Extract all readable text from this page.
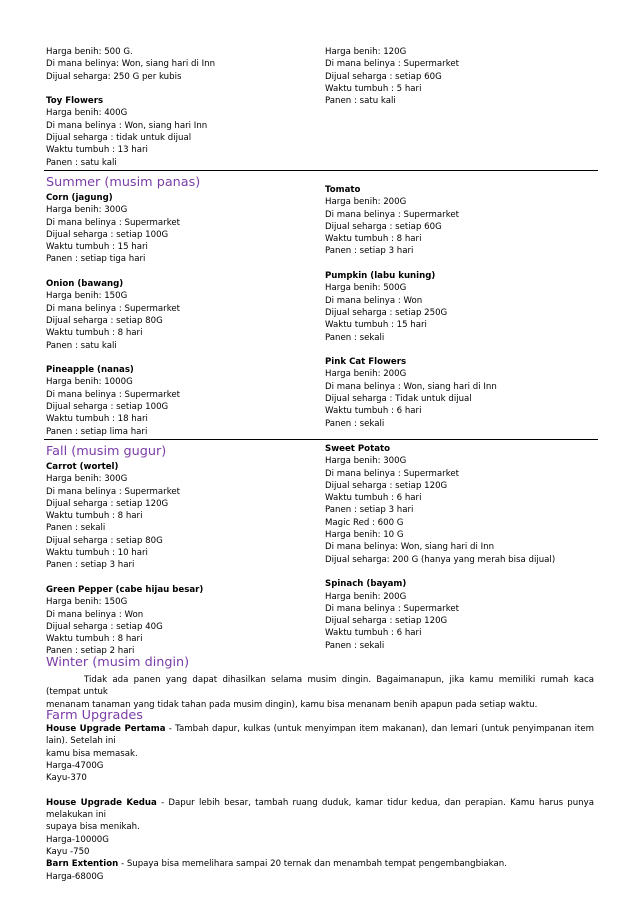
Harga benih: 500 G.
Di mana belinya: Won, siang hari di Inn
Dijual seharga: 250 G per kubis
Toy Flowers
Harga benih: 400G
Di mana belinya : Won, siang hari Inn
Dijual seharga : tidak untuk dijual
Waktu tumbuh : 13 hari
Panen : satu kali
Harga benih: 120G
Di mana belinya : Supermarket
Dijual seharga : setiap 60G
Waktu tumbuh : 5 hari
Panen : satu kali
Summer (musim panas)
Corn (jagung)
Harga benih: 300G
Di mana belinya : Supermarket
Dijual seharga : setiap 100G
Waktu tumbuh : 15 hari
Panen : setiap tiga hari
Onion (bawang)
Harga benih: 150G
Di mana belinya : Supermarket
Dijual seharga : setiap 80G
Waktu tumbuh : 8 hari
Panen : satu kali
Pineapple (nanas)
Harga benih: 1000G
Di mana belinya : Supermarket
Dijual seharga : setiap 100G
Waktu tumbuh : 18 hari
Panen : setiap lima hari
Tomato
Harga benih: 200G
Di mana belinya : Supermarket
Dijual seharga : setiap 60G
Waktu tumbuh : 8 hari
Panen : setiap 3 hari
Pumpkin (labu kuning)
Harga benih: 500G
Di mana belinya : Won
Dijual seharga : setiap 250G
Waktu tumbuh : 15 hari
Panen : sekali
Pink Cat Flowers
Harga benih: 200G
Di mana belinya : Won, siang hari di Inn
Dijual seharga : Tidak untuk dijual
Waktu tumbuh : 6 hari
Panen : sekali
Fall (musim gugur)
Carrot (wortel)
Harga benih: 300G
Di mana belinya : Supermarket
Dijual seharga : setiap 120G
Waktu tumbuh : 8 hari
Panen : sekali
Dijual seharga : setiap 80G
Waktu tumbuh : 10 hari
Panen : setiap 3 hari
Green Pepper (cabe hijau besar)
Harga benih: 150G
Di mana belinya : Won
Dijual seharga : setiap 40G
Waktu tumbuh : 8 hari
Panen : setiap 2 hari
Sweet Potato
Harga benih: 300G
Di mana belinya : Supermarket
Dijual seharga : setiap 120G
Waktu tumbuh : 6 hari
Panen : setiap 3 hari
Magic Red : 600 G
Harga benih: 10 G
Di mana belinya: Won, siang hari di Inn
Dijual seharga: 200 G (hanya yang merah bisa dijual)
Spinach (bayam)
Harga benih: 200G
Di mana belinya : Supermarket
Dijual seharga : setiap 120G
Waktu tumbuh : 6 hari
Panen : sekali
Winter (musim dingin)
Tidak ada panen yang dapat dihasilkan selama musim dingin. Bagaimanapun, jika kamu memiliki rumah kaca (tempat untuk
menanam tanaman yang tidak tahan pada musim dingin), kamu bisa menanam benih apapun pada setiap waktu.
Farm Upgrades
House Upgrade Pertama - Tambah dapur, kulkas (untuk menyimpan item makanan), dan lemari (untuk penyimpanan item lain). Setelah ini
kamu bisa memasak.
Harga-4700G
Kayu-370
House Upgrade Kedua - Dapur lebih besar, tambah ruang duduk, kamar tidur kedua, dan perapian. Kamu harus punya melakukan ini
supaya bisa menikah.
Harga-10000G
Kayu -750
Barn Extention - Supaya bisa memelihara sampai 20 ternak dan menambah tempat pengembangbiakan.
Harga-6800G
